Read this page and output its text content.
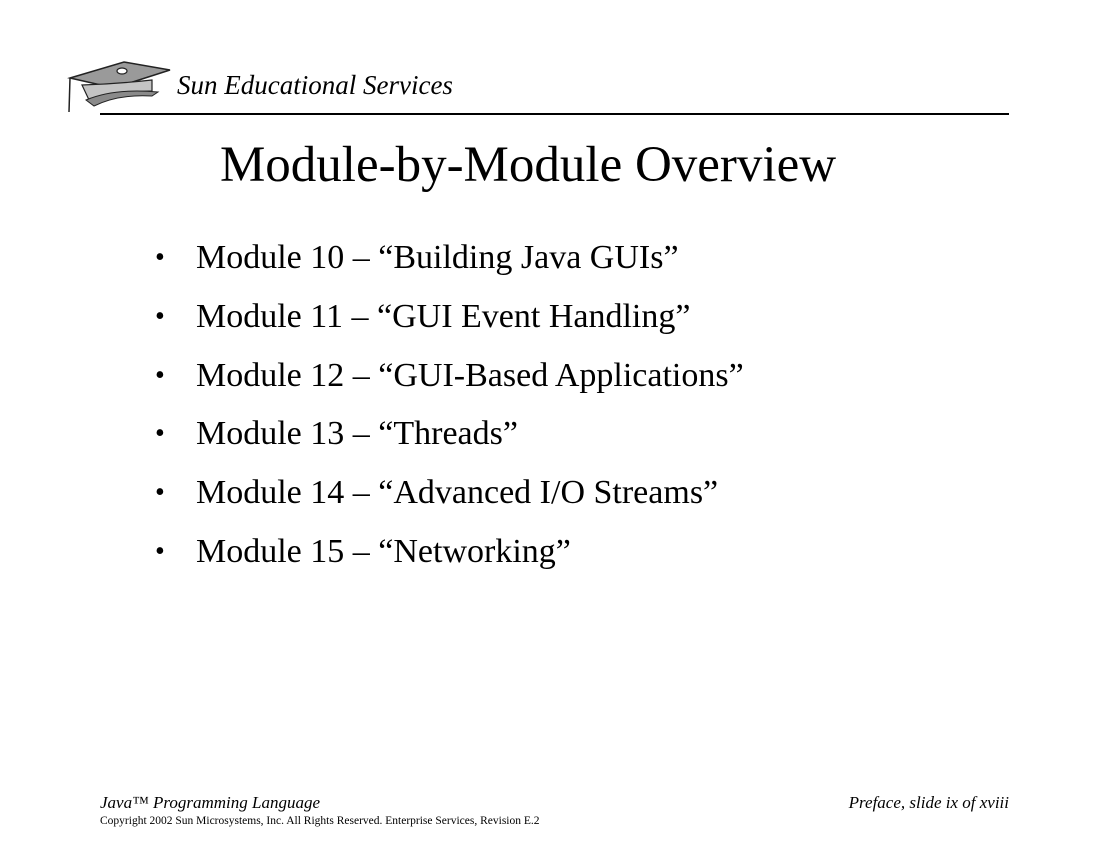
Sun Educational Services
Module-by-Module Overview
• Module 10 – “Building Java GUIs”
• Module 11 – “GUI Event Handling”
• Module 12 – “GUI-Based Applications”
• Module 13 – “Threads”
• Module 14 – “Advanced I/O Streams”
• Module 15 – “Networking”
Java™ Programming Language	Preface, slide ix of xviii
Copyright 2002 Sun Microsystems, Inc. All Rights Reserved. Enterprise Services, Revision E.2
